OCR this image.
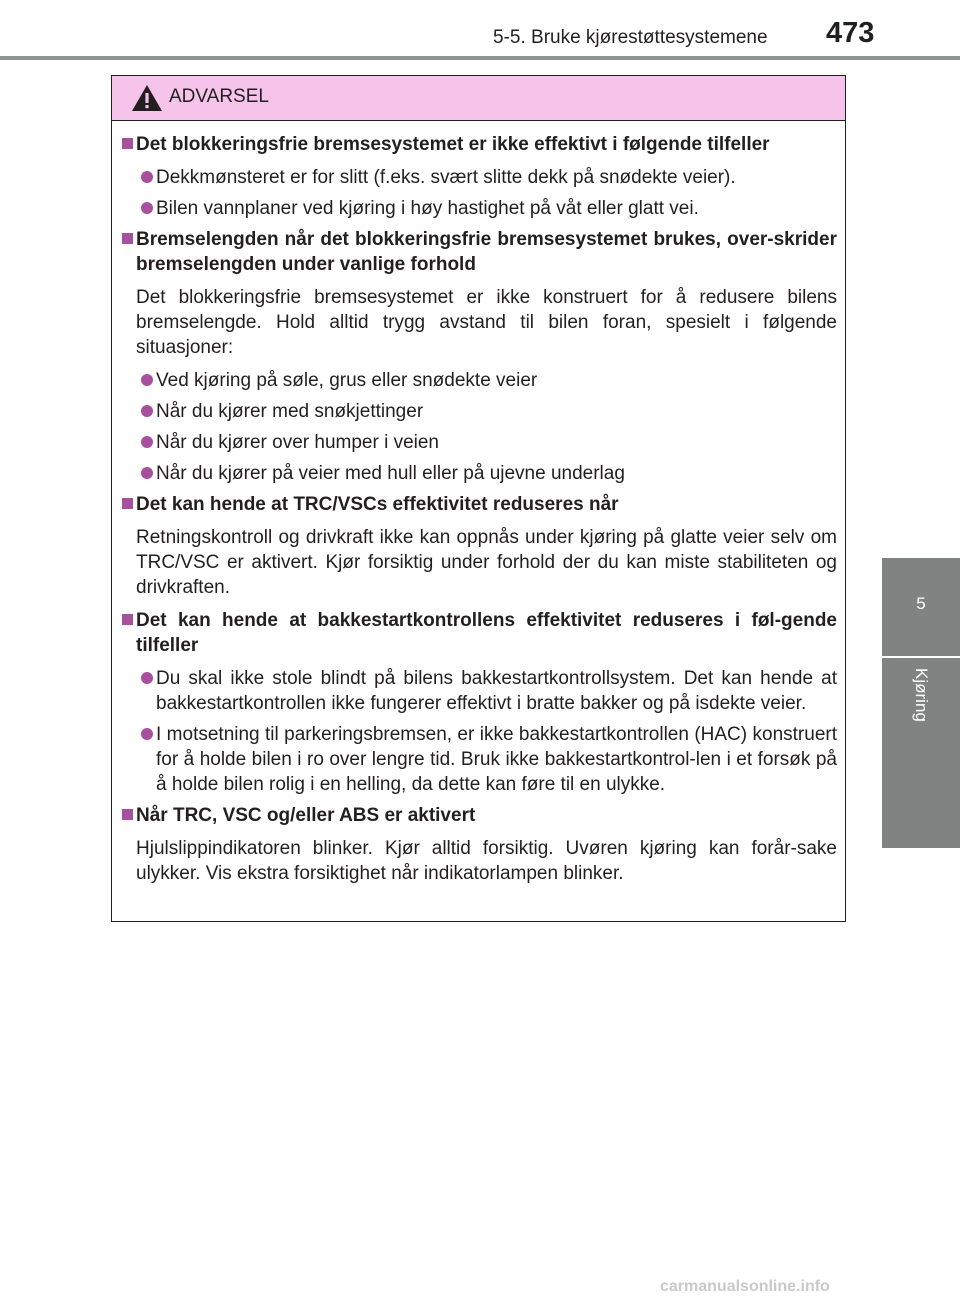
5-5. Bruke kjørestøttesystemene 473
5
Kjøring
ADVARSEL
Det blokkeringsfrie bremsesystemet er ikke effektivt i følgende tilfeller
Dekkmønsteret er for slitt (f.eks. svært slitte dekk på snødekte veier).
Bilen vannplaner ved kjøring i høy hastighet på våt eller glatt vei.
Bremselengden når det blokkeringsfrie bremsesystemet brukes, over-skrider bremselengden under vanlige forhold
Det blokkeringsfrie bremsesystemet er ikke konstruert for å redusere bilens bremselengde. Hold alltid trygg avstand til bilen foran, spesielt i følgende situasjoner:
Ved kjøring på søle, grus eller snødekte veier
Når du kjører med snøkjettinger
Når du kjører over humper i veien
Når du kjører på veier med hull eller på ujevne underlag
Det kan hende at TRC/VSCs effektivitet reduseres når
Retningskontroll og drivkraft ikke kan oppnås under kjøring på glatte veier selv om TRC/VSC er aktivert. Kjør forsiktig under forhold der du kan miste stabiliteten og drivkraften.
Det kan hende at bakkestartkontrollens effektivitet reduseres i føl-gende tilfeller
Du skal ikke stole blindt på bilens bakkestartkontrollsystem. Det kan hende at bakkestartkontrollen ikke fungerer effektivt i bratte bakker og på isdekte veier.
I motsetning til parkeringsbremsen, er ikke bakkestartkontrollen (HAC) konstruert for å holde bilen i ro over lengre tid. Bruk ikke bakkestartkontrol-len i et forsøk på å holde bilen rolig i en helling, da dette kan føre til en ulykke.
Når TRC, VSC og/eller ABS er aktivert
Hjulslippindikatoren blinker. Kjør alltid forsiktig. Uvøren kjøring kan forår-sake ulykker. Vis ekstra forsiktighet når indikatorlampen blinker.
carmanualsonline.info
